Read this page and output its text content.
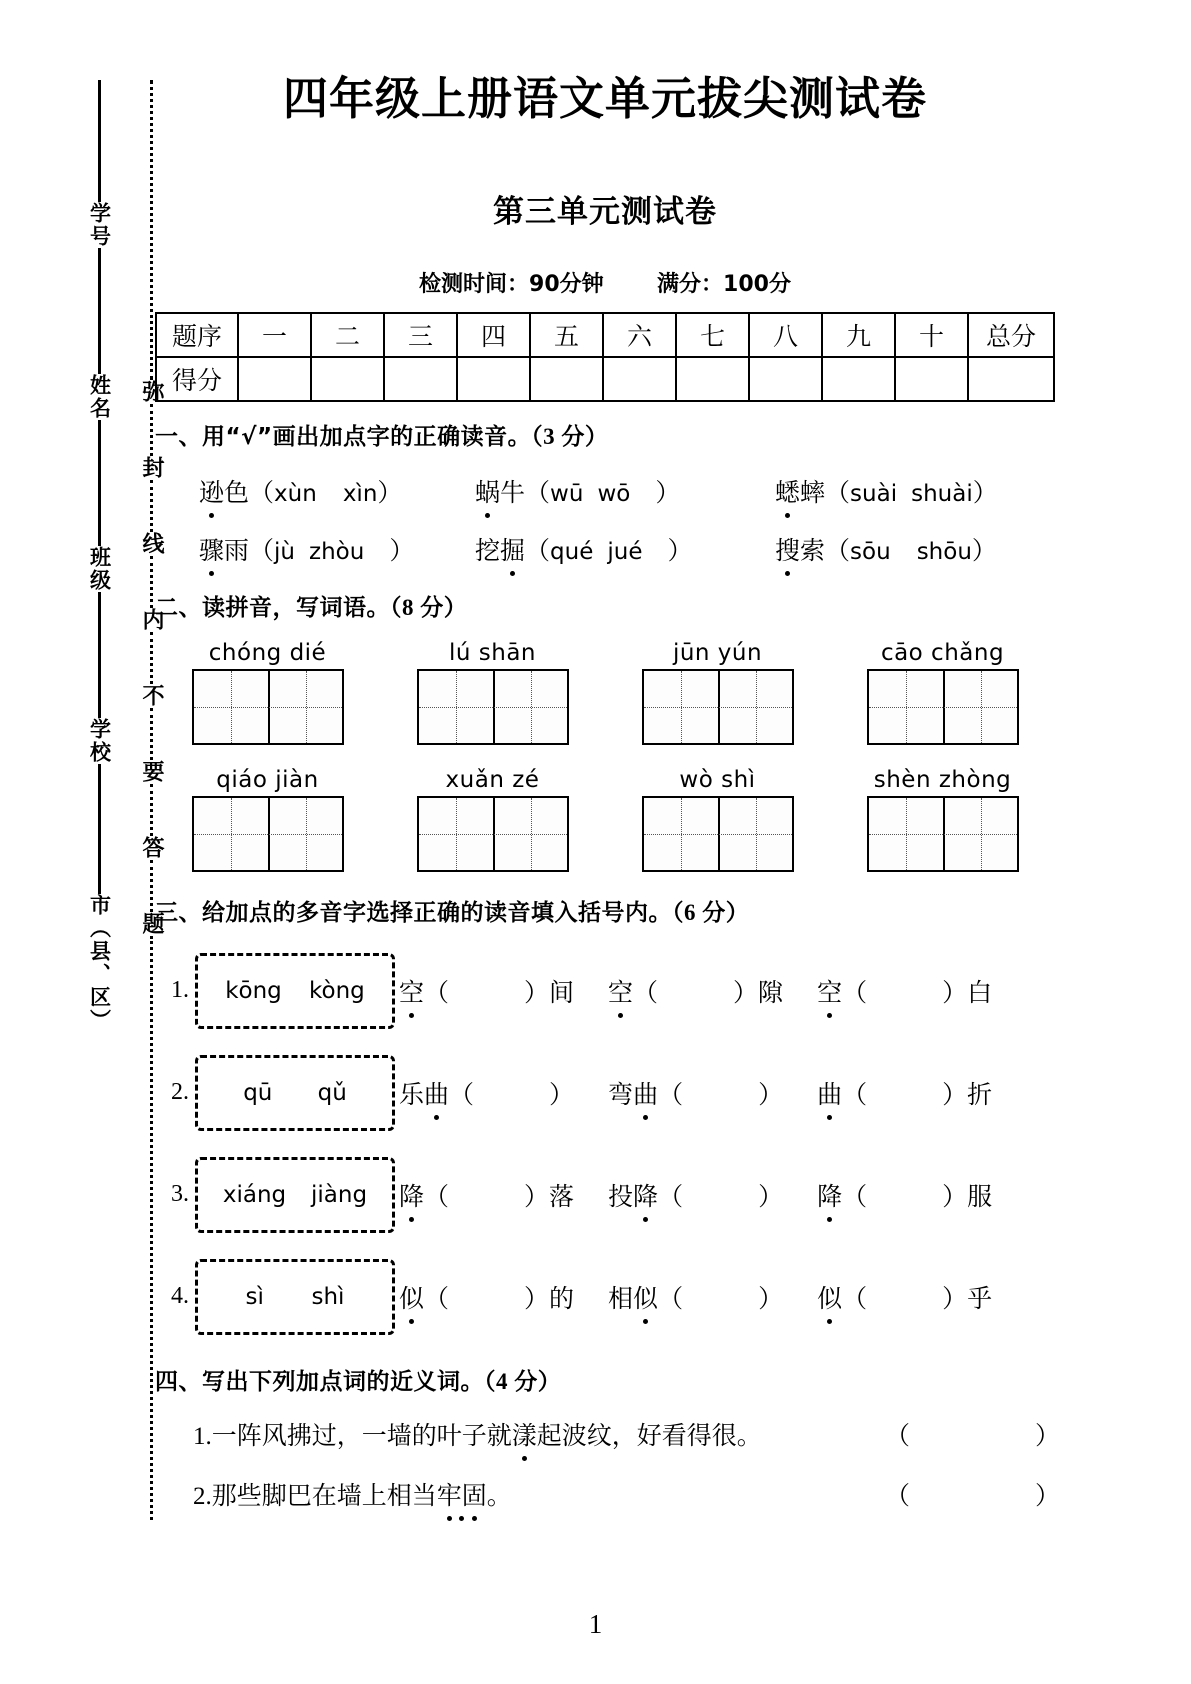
学号
姓名
班级
学校
市（县、区）
弥
封
线
内
不
要
答
题
四年级上册语文单元拔尖测试卷
第三单元测试卷
检测时间：90分钟 满分：100分
题序	一	二	三	四	五	六	七	八	九	十	总分
得分											
一、用“√”画出加点字的正确读音。（3 分）
逊色（xùn xìn）	蜗牛（wū wō　）	蟋蟀（suài shuài）
骤雨（jù zhòu　）	挖掘（qué jué　）	搜索（sōu shōu）
二、读拼音，写词语。（8 分）
chóng dié	lú shān	jūn yún	cāo chǎng
qiáo jiàn	xuǎn zé	wò shì	shèn zhòng
三、给加点的多音字选择正确的读音填入括号内。（6 分）
1. kōng kòng 空（　　　）间 空（　　　）隙 空（　　　）白
2. qū qǔ 乐曲（　　　） 弯曲（　　　） 曲（　　　）折
3. xiáng jiàng 降（　　　）落 投降（　　　） 降（　　　）服
4. sì shì 似（　　　）的 相似（　　　） 似（　　　）乎
四、写出下列加点词的近义词。（4 分）
1.一阵风拂过，一墙的叶子就漾起波纹，好看得很。	（　　　　　）
2.那些脚巴在墙上相当牢固。	（　　　　　）
1
